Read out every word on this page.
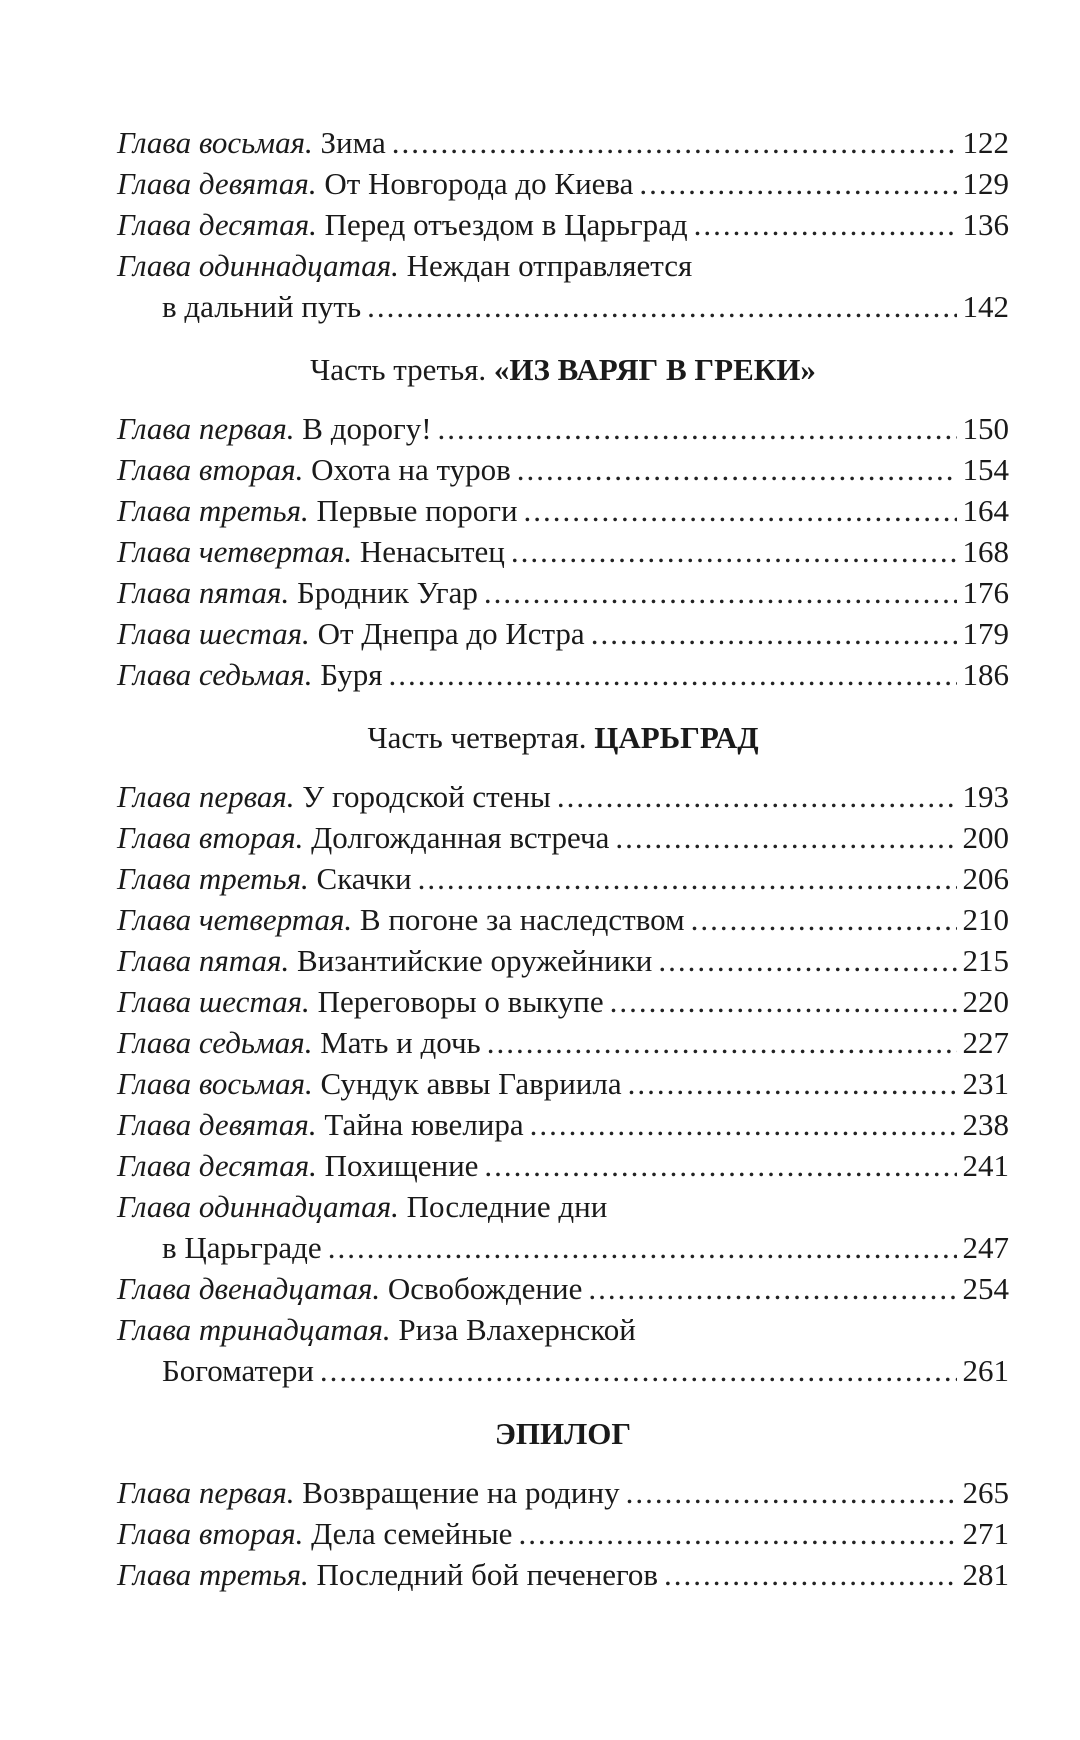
Глава восьмая. Зима .....	122
Глава девятая. От Новгорода до Киева .....	129
Глава десятая. Перед отъездом в Царьград .....	136
Глава одиннадцатая. Неждан отправляется
в дальний путь .....	142
Часть третья. «ИЗ ВАРЯГ В ГРЕКИ»
Глава первая. В дорогу! .....	150
Глава вторая. Охота на туров .....	154
Глава третья. Первые пороги .....	164
Глава четвертая. Ненасытец .....	168
Глава пятая. Бродник Угар .....	176
Глава шестая. От Днепра до Истра .....	179
Глава седьмая. Буря .....	186
Часть четвертая. ЦАРЬГРАД
Глава первая. У городской стены .....	193
Глава вторая. Долгожданная встреча .....	200
Глава третья. Скачки .....	206
Глава четвертая. В погоне за наследством .....	210
Глава пятая. Византийские оружейники .....	215
Глава шестая. Переговоры о выкупе .....	220
Глава седьмая. Мать и дочь .....	227
Глава восьмая. Сундук аввы Гавриила .....	231
Глава девятая. Тайна ювелира .....	238
Глава десятая. Похищение .....	241
Глава одиннадцатая. Последние дни
в Царьграде .....	247
Глава двенадцатая. Освобождение .....	254
Глава тринадцатая. Риза Влахернской
Богоматери .....	261
ЭПИЛОГ
Глава первая. Возвращение на родину .....	265
Глава вторая. Дела семейные .....	271
Глава третья. Последний бой печенегов .....	281
